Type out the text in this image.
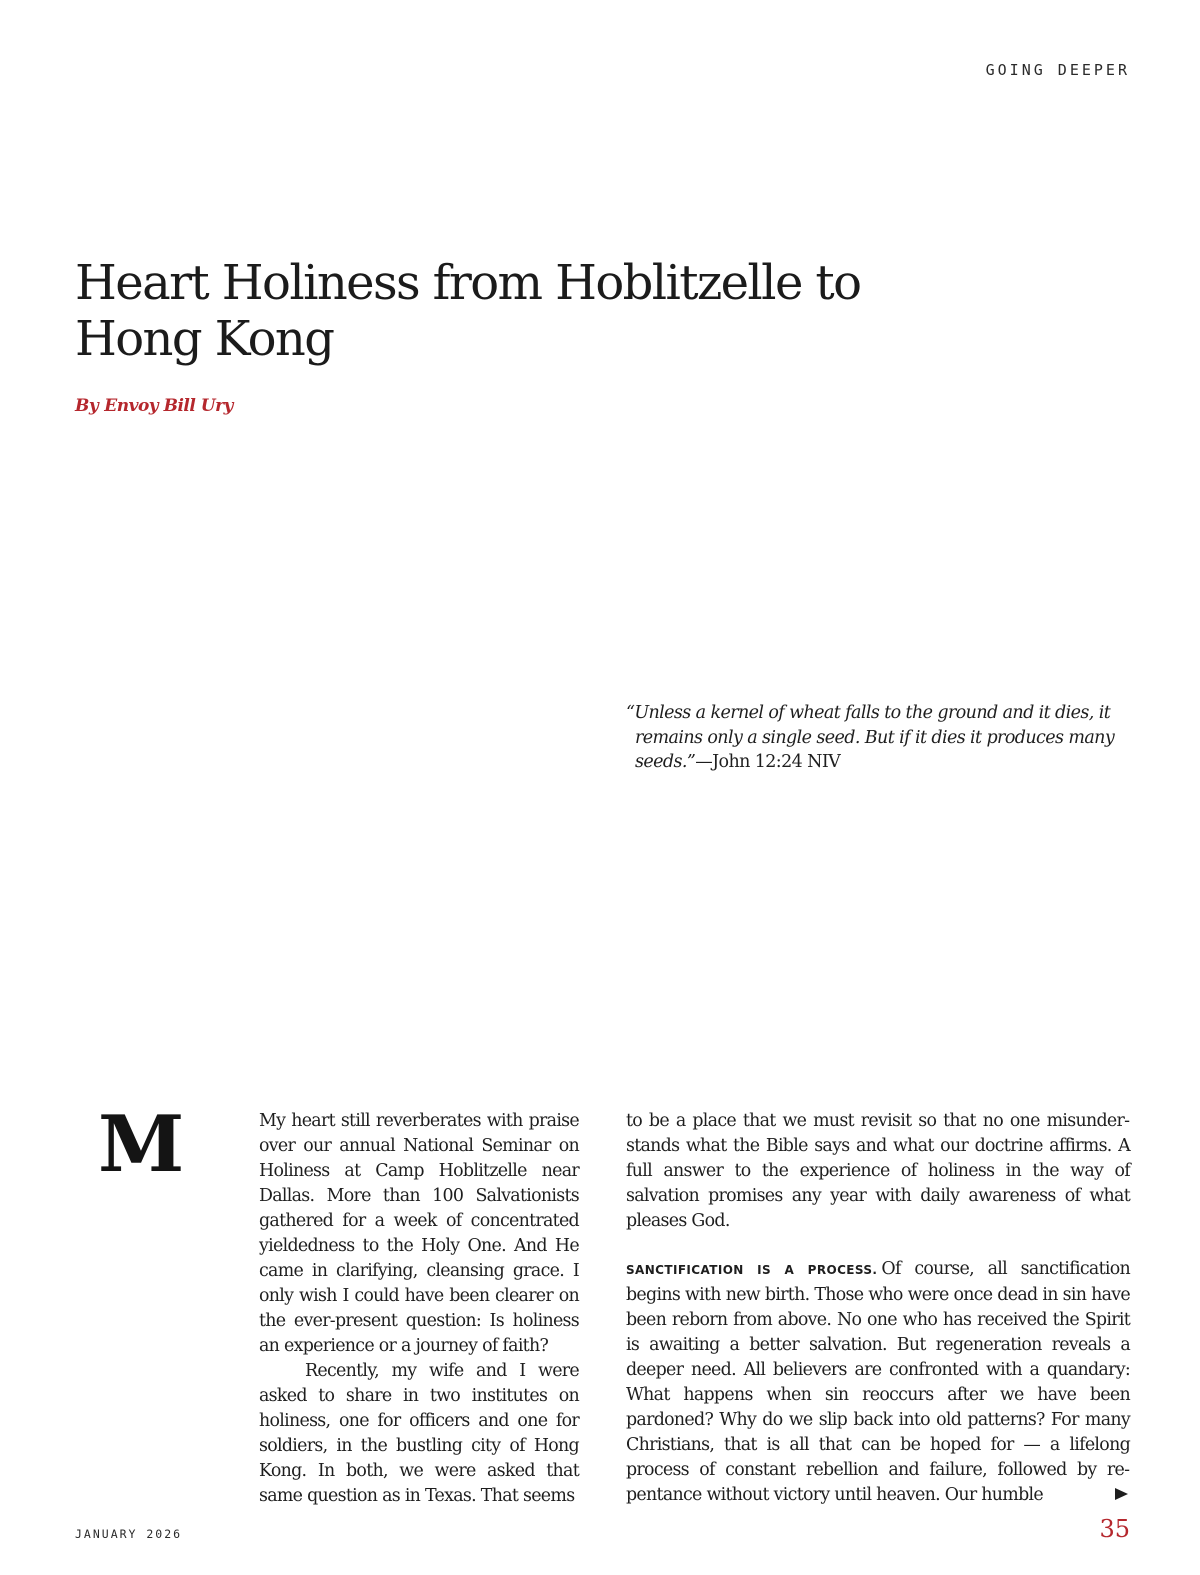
GOING DEEPER
Heart Holiness from Hoblitzelle to Hong Kong
By Envoy Bill Ury
“Unless a kernel of wheat falls to the ground and it dies, it remains only a single seed. But if it dies it produces many seeds.”—John 12:24 NIV
M	My heart still reverberates with praise over our annual National Seminar on Holiness at Camp Hoblitzelle near Dallas. More than 100 Salvationists gathered for a week of concentrated yieldedness to the Holy One. And He came in clarifying, cleansing grace. I only wish I could have been clearer on the ever-present question: Is holiness an experience or a journey of faith?

Recently, my wife and I were asked to share in two institutes on holiness, one for officers and one for soldiers, in the bustling city of Hong Kong. In both, we were asked that same question as in Texas. That seems

to be a place that we must revisit so that no one misunderstands what the Bible says and what our doctrine affirms. A full answer to the experience of holiness in the way of salvation promises any year with daily awareness of what pleases God.

SANCTIFICATION IS A PROCESS. Of course, all sanctification begins with new birth. Those who were once dead in sin have been reborn from above. No one who has received the Spirit is awaiting a better salvation. But regeneration reveals a deeper need. All believers are confronted with a quandary: What happens when sin reoccurs after we have been pardoned? Why do we slip back into old patterns? For many Christians, that is all that can be hoped for — a lifelong process of constant rebellion and failure, followed by repentance without victory until heaven. Our humble

JANUARY 2026	35
